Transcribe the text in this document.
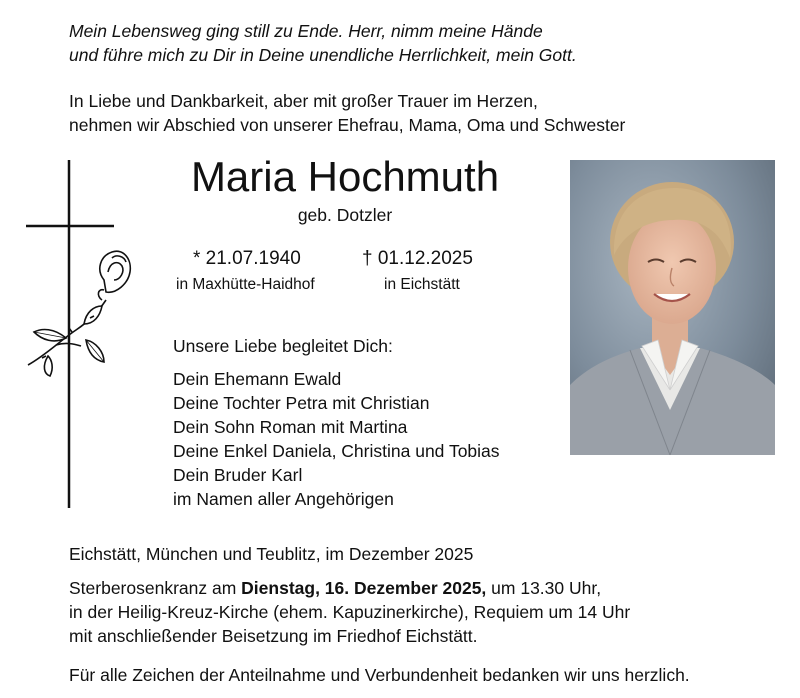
Mein Lebensweg ging still zu Ende. Herr, nimm meine Hände
und führe mich zu Dir in Deine unendliche Herrlichkeit, mein Gott.
In Liebe und Dankbarkeit, aber mit großer Trauer im Herzen,
nehmen wir Abschied von unserer Ehefrau, Mama, Oma und Schwester
Maria Hochmuth
geb. Dotzler
* 21.07.1940
in Maxhütte-Haidhof
† 01.12.2025
in Eichstätt
Unsere Liebe begleitet Dich:
Dein Ehemann Ewald
Deine Tochter Petra mit Christian
Dein Sohn Roman mit Martina
Deine Enkel Daniela, Christina und Tobias
Dein Bruder Karl
im Namen aller Angehörigen
Eichstätt, München und Teublitz, im Dezember 2025
Sterberosenkranz am Dienstag, 16. Dezember 2025, um 13.30 Uhr,
in der Heilig-Kreuz-Kirche (ehem. Kapuzinerkirche), Requiem um 14 Uhr
mit anschließender Beisetzung im Friedhof Eichstätt.
Für alle Zeichen der Anteilnahme und Verbundenheit bedanken wir uns herzlich.
